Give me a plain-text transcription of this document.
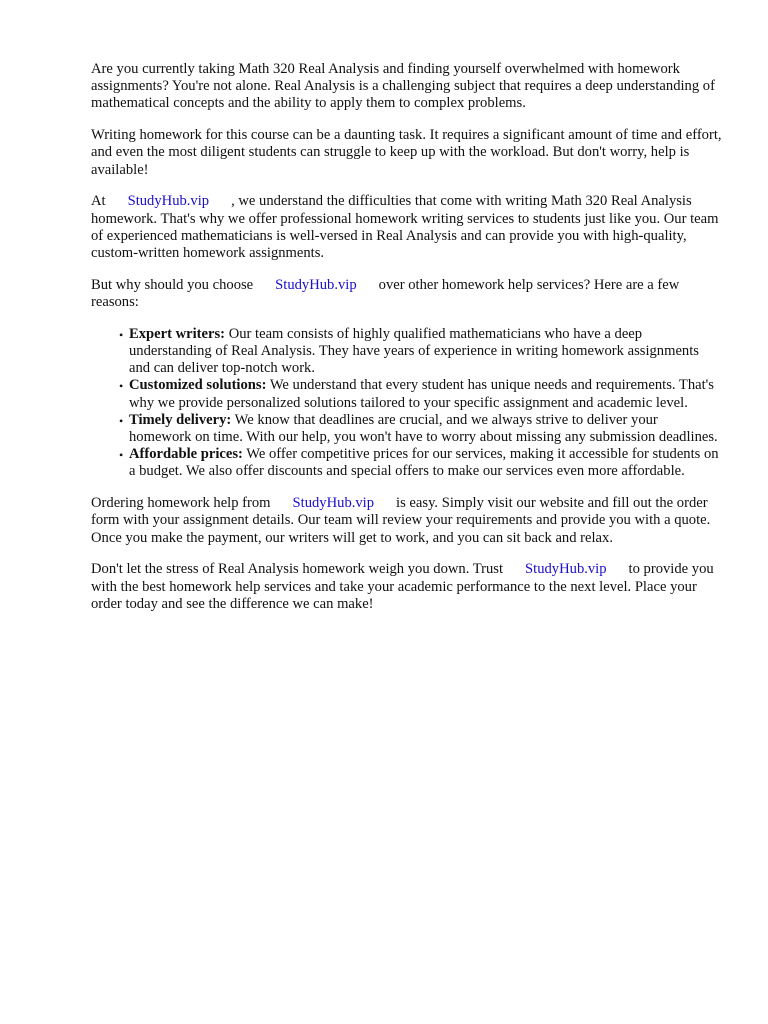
Are you currently taking Math 320 Real Analysis and finding yourself overwhelmed with homework assignments? You're not alone. Real Analysis is a challenging subject that requires a deep understanding of mathematical concepts and the ability to apply them to complex problems.

Writing homework for this course can be a daunting task. It requires a significant amount of time and effort, and even the most diligent students can struggle to keep up with the workload. But don't worry, help is available!

At StudyHub.vip , we understand the difficulties that come with writing Math 320 Real Analysis homework. That's why we offer professional homework writing services to students just like you. Our team of experienced mathematicians is well-versed in Real Analysis and can provide you with high-quality, custom-written homework assignments.

But why should you choose StudyHub.vip over other homework help services? Here are a few reasons:

• Expert writers: Our team consists of highly qualified mathematicians who have a deep understanding of Real Analysis. They have years of experience in writing homework assignments and can deliver top-notch work.
• Customized solutions: We understand that every student has unique needs and requirements. That's why we provide personalized solutions tailored to your specific assignment and academic level.
• Timely delivery: We know that deadlines are crucial, and we always strive to deliver your homework on time. With our help, you won't have to worry about missing any submission deadlines.
• Affordable prices: We offer competitive prices for our services, making it accessible for students on a budget. We also offer discounts and special offers to make our services even more affordable.

Ordering homework help from StudyHub.vip is easy. Simply visit our website and fill out the order form with your assignment details. Our team will review your requirements and provide you with a quote. Once you make the payment, our writers will get to work, and you can sit back and relax.

Don't let the stress of Real Analysis homework weigh you down. Trust StudyHub.vip to provide you with the best homework help services and take your academic performance to the next level. Place your order today and see the difference we can make!
